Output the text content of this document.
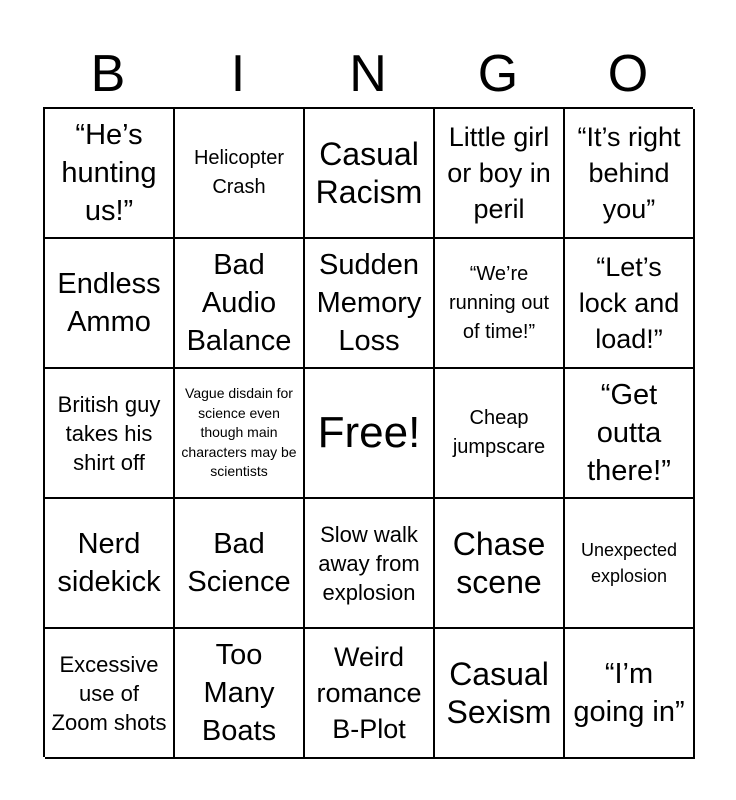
B	I	N	G	O
“He’s hunting us!”
Helicopter Crash
Casual Racism
Little girl or boy in peril
“It’s right behind you”
Endless Ammo
Bad Audio Balance
Sudden Memory Loss
“We’re running out of time!”
“Let’s lock and load!”
British guy takes his shirt off
Vague disdain for science even though main characters may be scientists
Free!	Cheap jumpscare
“Get outta there!”
Nerd sidekick
Bad Science
Slow walk away from explosion
Chase scene
Unexpected explosion
Excessive use of Zoom shots
Too Many Boats
Weird romance B-Plot
Casual Sexism
“I’m going in”
